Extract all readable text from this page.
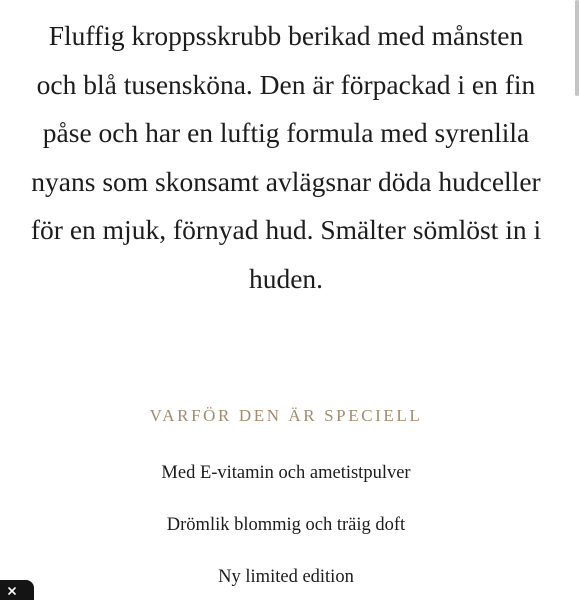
Fluffig kroppsskrubb berikad med månsten och blå tusensköna. Den är förpackad i en fin påse och har en luftig formula med syrenlila nyans som skonsamt avlägsnar döda hudceller för en mjuk, förnyad hud. Smälter sömlöst in i huden.

VARFÖR DEN ÄR SPECIELL
Med E-vitamin och ametistpulver
Drömlik blommig och träig doft
Ny limited edition
